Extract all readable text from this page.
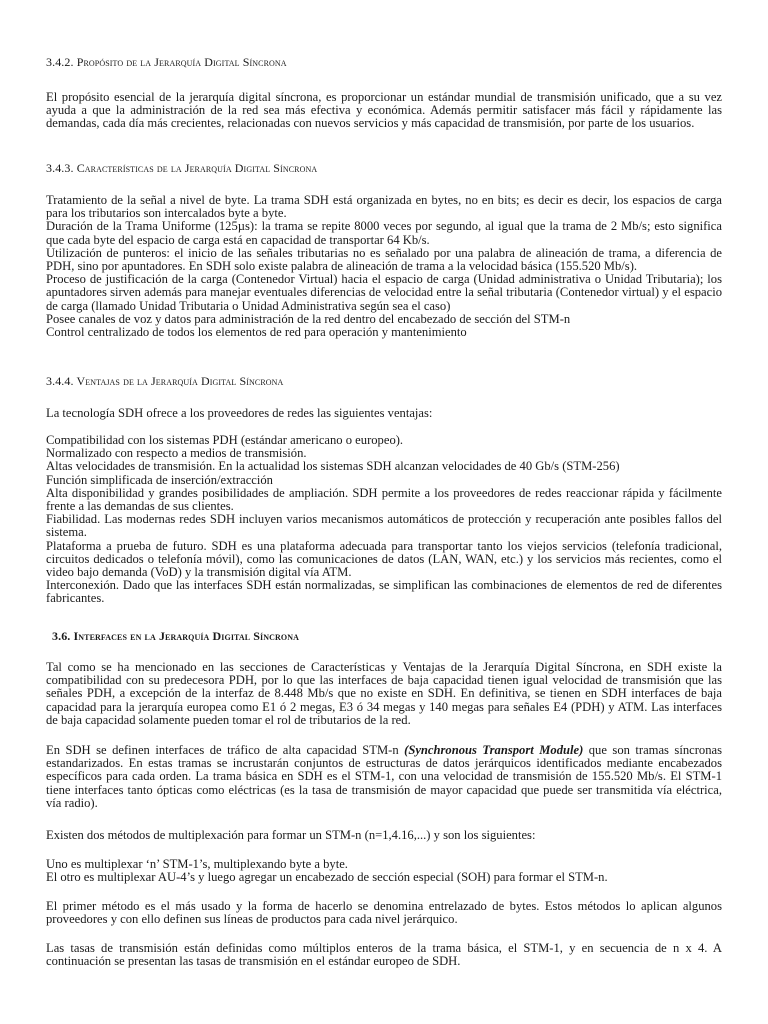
3.4.2. Propósito de la Jerarquía Digital Síncrona
El propósito esencial de la jerarquía digital síncrona, es proporcionar un estándar mundial de transmisión unificado, que a su vez ayuda a que la administración de la red sea más efectiva y económica. Además permitir satisfacer más fácil y rápidamente las demandas, cada día más crecientes, relacionadas con nuevos servicios y más capacidad de transmisión, por parte de los usuarios.
3.4.3. Características de la Jerarquía Digital Síncrona
Tratamiento de la señal a nivel de byte. La trama SDH está organizada en bytes, no en bits; es decir es decir, los espacios de carga para los tributarios son intercalados byte a byte.
Duración de la Trama Uniforme (125µs): la trama se repite 8000 veces por segundo, al igual que la trama de 2 Mb/s; esto significa que cada byte del espacio de carga está en capacidad de transportar 64 Kb/s.
Utilización de punteros: el inicio de las señales tributarias no es señalado por una palabra de alineación de trama, a diferencia de PDH, sino por apuntadores. En SDH solo existe palabra de alineación de trama a la velocidad básica (155.520 Mb/s).
Proceso de justificación de la carga (Contenedor Virtual) hacia el espacio de carga (Unidad administrativa o Unidad Tributaria); los apuntadores sirven además para manejar eventuales diferencias de velocidad entre la señal tributaria (Contenedor virtual) y el espacio de carga (llamado Unidad Tributaria o Unidad Administrativa según sea el caso)
Posee canales de voz y datos para administración de la red dentro del encabezado de sección del STM-n
Control centralizado de todos los elementos de red para operación y mantenimiento
3.4.4. Ventajas de la Jerarquía Digital Síncrona
La tecnología SDH ofrece a los proveedores de redes las siguientes ventajas:
Compatibilidad con los sistemas PDH (estándar americano o europeo).
Normalizado con respecto a medios de transmisión.
Altas velocidades de transmisión. En la actualidad los sistemas SDH alcanzan velocidades de 40 Gb/s (STM-256)
Función simplificada de inserción/extracción
Alta disponibilidad y grandes posibilidades de ampliación. SDH permite a los proveedores de redes reaccionar rápida y fácilmente frente a las demandas de sus clientes.
Fiabilidad. Las modernas redes SDH incluyen varios mecanismos automáticos de protección y recuperación ante posibles fallos del sistema.
Plataforma a prueba de futuro. SDH es una plataforma adecuada para transportar tanto los viejos servicios (telefonía tradicional, circuitos dedicados o telefonía móvil), como las comunicaciones de datos (LAN, WAN, etc.) y los servicios más recientes, como el video bajo demanda (VoD) y la transmisión digital vía ATM.
Interconexión. Dado que las interfaces SDH están normalizadas, se simplifican las combinaciones de elementos de red de diferentes fabricantes.
3.6. Interfaces en la Jerarquía Digital Síncrona
Tal como se ha mencionado en las secciones de Características y Ventajas de la Jerarquía Digital Síncrona, en SDH existe la compatibilidad con su predecesora PDH, por lo que las interfaces de baja capacidad tienen igual velocidad de transmisión que las señales PDH, a excepción de la interfaz de 8.448 Mb/s que no existe en SDH. En definitiva, se tienen en SDH interfaces de baja capacidad para la jerarquía europea como E1 ó 2 megas, E3 ó 34 megas y 140 megas para señales E4 (PDH) y ATM. Las interfaces de baja capacidad solamente pueden tomar el rol de tributarios de la red.
En SDH se definen interfaces de tráfico de alta capacidad STM-n (Synchronous Transport Module) que son tramas síncronas estandarizados. En estas tramas se incrustarán conjuntos de estructuras de datos jerárquicos identificados mediante encabezados específicos para cada orden. La trama básica en SDH es el STM-1, con una velocidad de transmisión de 155.520 Mb/s. El STM-1 tiene interfaces tanto ópticas como eléctricas (es la tasa de transmisión de mayor capacidad que puede ser transmitida vía eléctrica, vía radio).
Existen dos métodos de multiplexación para formar un STM-n (n=1,4.16,...) y son los siguientes:
Uno es multiplexar ‘n’ STM-1’s, multiplexando byte a byte.
El otro es multiplexar AU-4’s y luego agregar un encabezado de sección especial (SOH) para formar el STM-n.
El primer método es el más usado y la forma de hacerlo se denomina entrelazado de bytes. Estos métodos lo aplican algunos proveedores y con ello definen sus líneas de productos para cada nivel jerárquico.
Las tasas de transmisión están definidas como múltiplos enteros de la trama básica, el STM-1, y en secuencia de n x 4. A continuación se presentan las tasas de transmisión en el estándar europeo de SDH.
